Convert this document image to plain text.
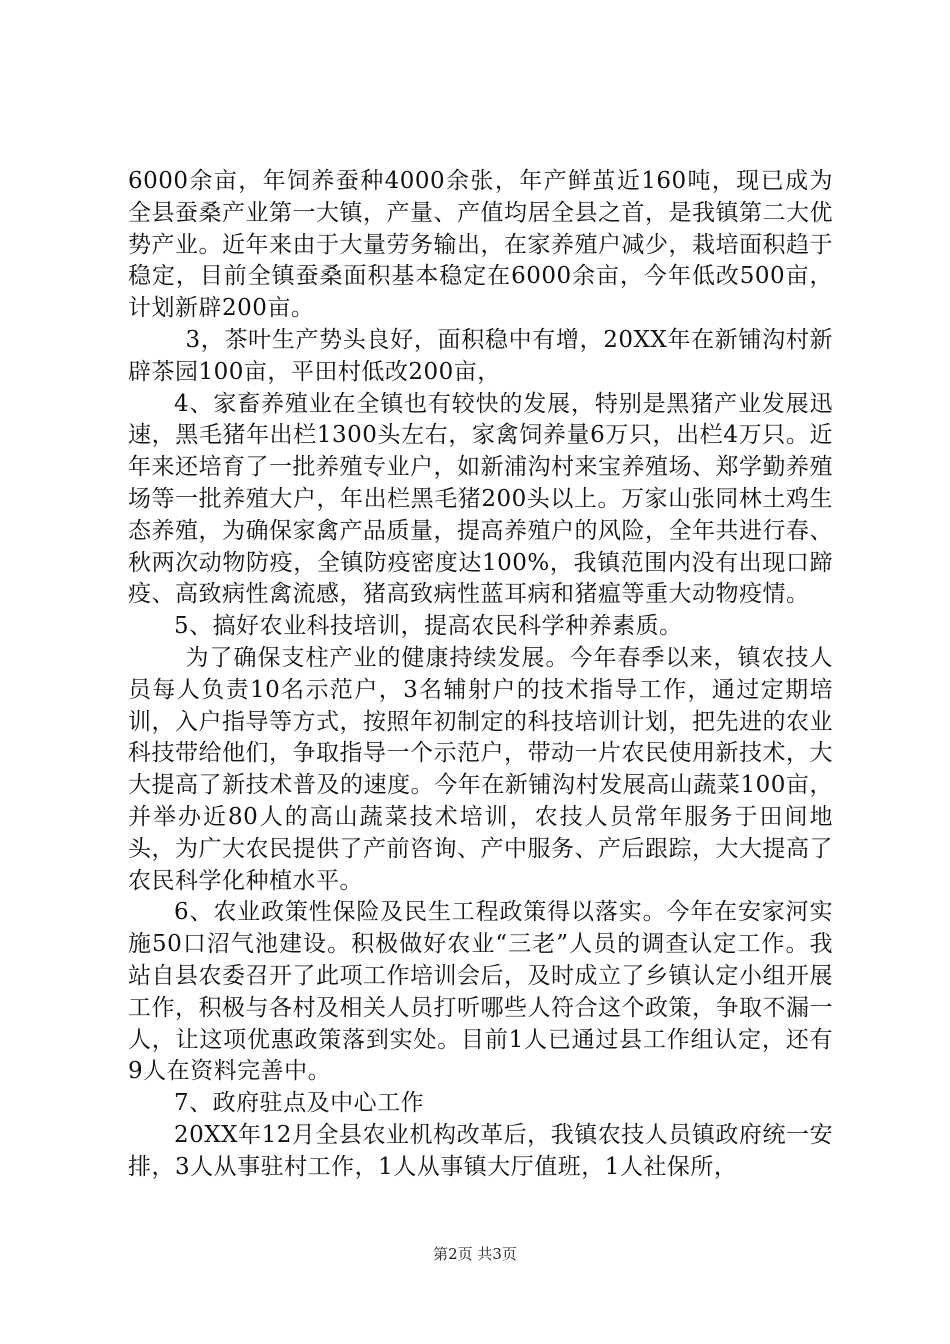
6000余亩，年饲养蚕种4000余张，年产鲜茧近160吨，现已成为全县蚕桑产业第一大镇，产量、产值均居全县之首，是我镇第二大优势产业。近年来由于大量劳务输出，在家养殖户减少，栽培面积趋于稳定，目前全镇蚕桑面积基本稳定在6000余亩，今年低改500亩，计划新辟200亩。

3，茶叶生产势头良好，面积稳中有增，20XX年在新铺沟村新辟茶园100亩，平田村低改200亩，

4、家畜养殖业在全镇也有较快的发展，特别是黑猪产业发展迅速，黑毛猪年出栏1300头左右，家禽饲养量6万只，出栏4万只。近年来还培育了一批养殖专业户，如新浦沟村来宝养殖场、郑学勤养殖场等一批养殖大户，年出栏黑毛猪200头以上。万家山张同林土鸡生态养殖，为确保家禽产品质量，提高养殖户的风险，全年共进行春、秋两次动物防疫，全镇防疫密度达100%，我镇范围内没有出现口蹄疫、高致病性禽流感，猪高致病性蓝耳病和猪瘟等重大动物疫情。

5、搞好农业科技培训，提高农民科学种养素质。

为了确保支柱产业的健康持续发展。今年春季以来，镇农技人员每人负责10名示范户，3名辅射户的技术指导工作，通过定期培训，入户指导等方式，按照年初制定的科技培训计划，把先进的农业科技带给他们，争取指导一个示范户，带动一片农民使用新技术，大大提高了新技术普及的速度。今年在新铺沟村发展高山蔬菜100亩，并举办近80人的高山蔬菜技术培训，农技人员常年服务于田间地头，为广大农民提供了产前咨询、产中服务、产后跟踪，大大提高了农民科学化种植水平。

6、农业政策性保险及民生工程政策得以落实。今年在安家河实施50口沼气池建设。积极做好农业“三老”人员的调查认定工作。我站自县农委召开了此项工作培训会后，及时成立了乡镇认定小组开展工作，积极与各村及相关人员打听哪些人符合这个政策，争取不漏一人，让这项优惠政策落到实处。目前1人已通过县工作组认定，还有9人在资料完善中。

7、政府驻点及中心工作

20XX年12月全县农业机构改革后，我镇农技人员镇政府统一安排，3人从事驻村工作，1人从事镇大厅值班，1人社保所，

第2页 共3页
